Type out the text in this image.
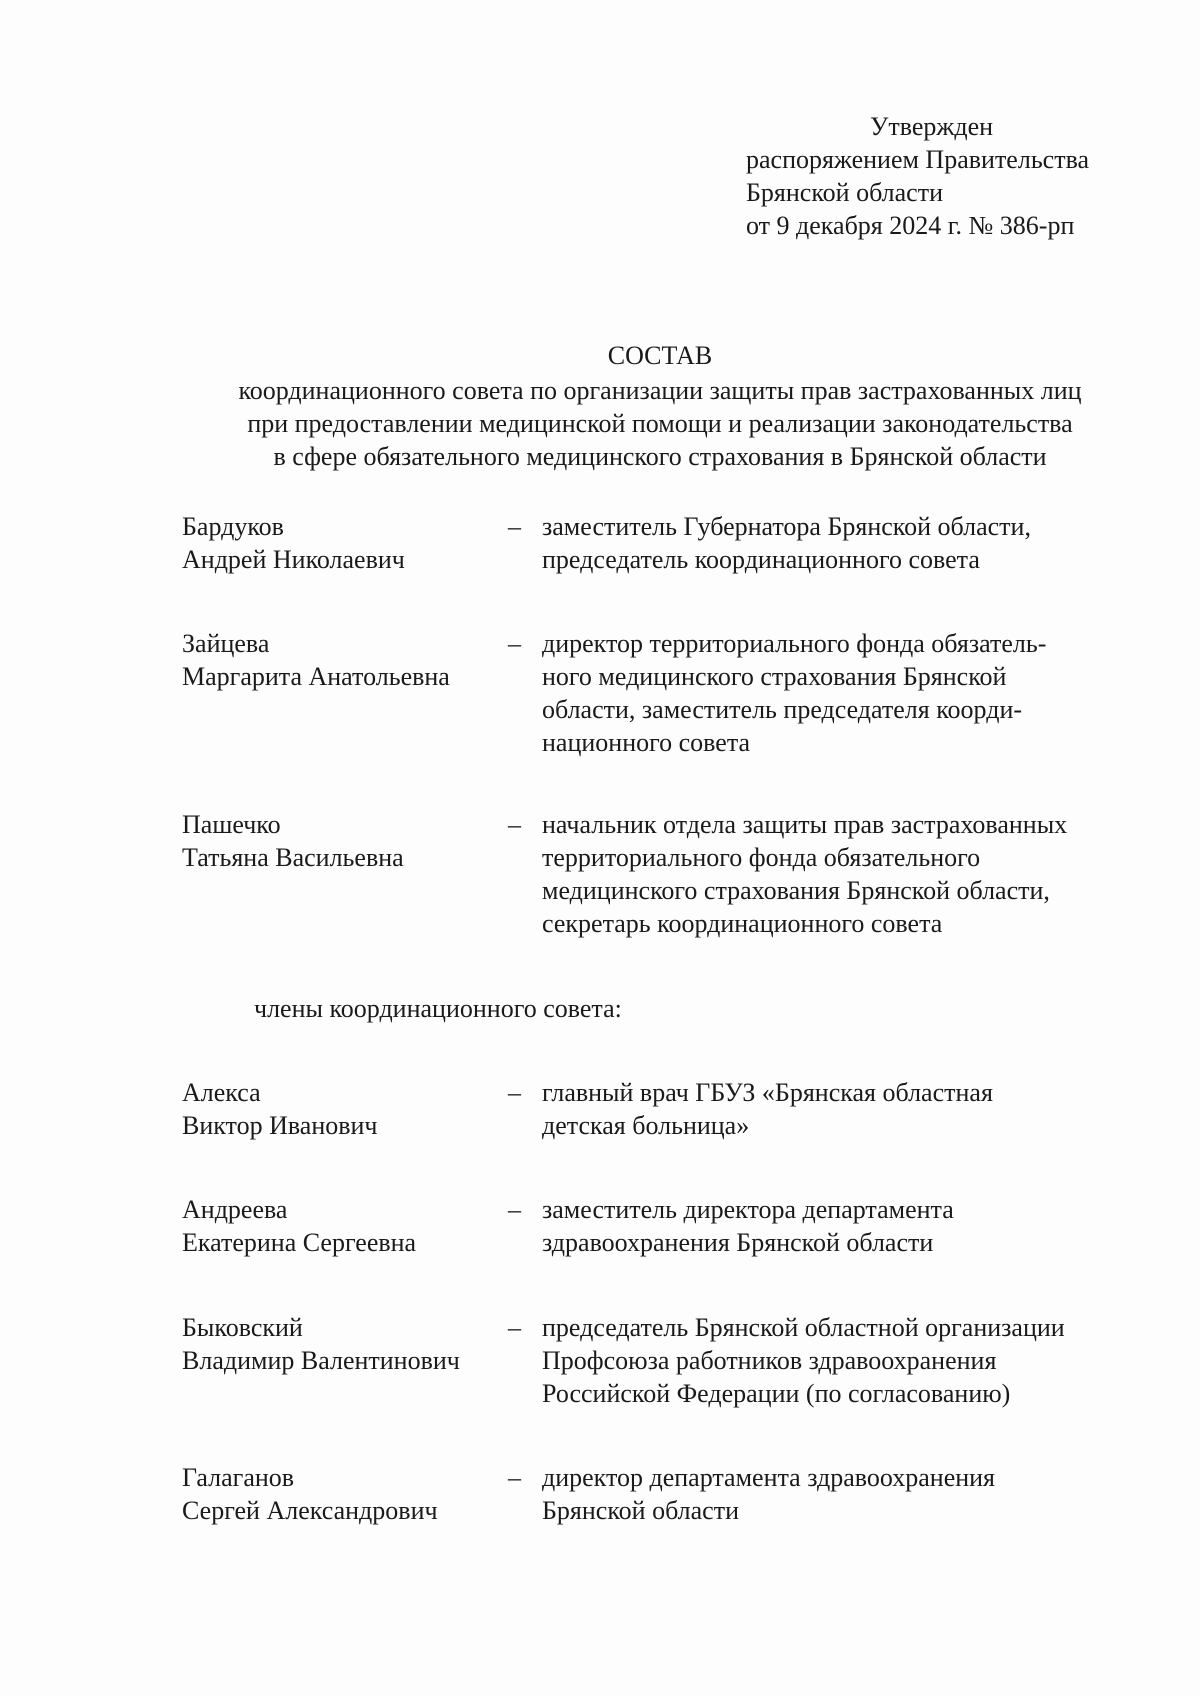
Утвержден
распоряжением Правительства
Брянской области
от 9 декабря 2024 г. № 386-рп
СОСТАВ
координационного совета по организации защиты прав застрахованных лиц
при предоставлении медицинской помощи и реализации законодательства
в сфере обязательного медицинского страхования в Брянской области
Бардуков
Андрей Николаевич
– заместитель Губернатора Брянской области,
председатель координационного совета
Зайцева
Маргарита Анатольевна
– директор территориального фонда обязатель-
ного медицинского страхования Брянской
области, заместитель председателя коорди-
национного совета
Пашечко
Татьяна Васильевна
– начальник отдела защиты прав застрахованных
территориального фонда обязательного
медицинского страхования Брянской области,
секретарь координационного совета
члены координационного совета:
Алекса
Виктор Иванович
– главный врач ГБУЗ «Брянская областная
детская больница»
Андреева
Екатерина Сергеевна
– заместитель директора департамента
здравоохранения Брянской области
Быковский
Владимир Валентинович
– председатель Брянской областной организации
Профсоюза работников здравоохранения
Российской Федерации (по согласованию)
Галаганов
Сергей Александрович
– директор департамента здравоохранения
Брянской области
